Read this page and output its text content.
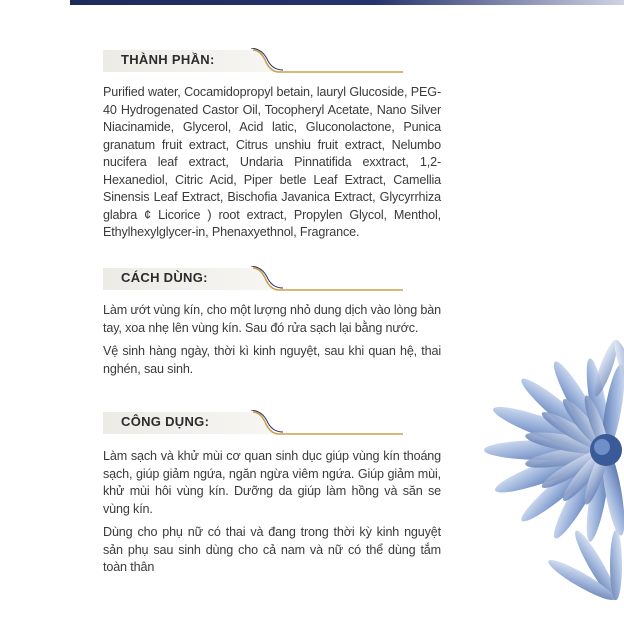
THÀNH PHẦN:

Purified water, Cocamidopropyl betain, lauryl Glucoside, PEG-40 Hydrogenated Castor Oil, Tocopheryl Acetate, Nano Silver Niacinamide, Glycerol, Acid latic, Gluconolactone, Punica granatum fruit extract, Citrus unshiu fruit extract, Nelumbo nucifera leaf extract, Undaria Pinnatifida exxtract, 1,2-Hexanediol, Citric Acid, Piper betle Leaf Extract, Camellia Sinensis Leaf Extract, Bischofia Javanica Extract, Glycyrrhiza glabra ¢ Licorice ) root extract, Propylen Glycol, Menthol, Ethylhexylglycer-in, Phenaxyethnol, Fragrance.

CÁCH DÙNG:

Làm ướt vùng kín, cho một lượng nhỏ dung dịch vào lòng bàn tay, xoa nhẹ lên vùng kín. Sau đó rửa sạch lại bằng nước.

Vệ sinh hàng ngày, thời kì kinh nguyệt, sau khi quan hệ, thai nghén, sau sinh.

CÔNG DỤNG:

Làm sạch và khử mùi cơ quan sinh dục giúp vùng kín thoáng sạch, giúp giảm ngứa, ngăn ngừa viêm ngứa. Giúp giảm mùi, khử mùi hôi vùng kín. Dưỡng da giúp làm hồng và săn se vùng kín.

Dùng cho phụ nữ có thai và đang trong thời kỳ kinh nguyệt sản phụ sau sinh dùng cho cả nam và nữ có thể dùng tắm toàn thân
